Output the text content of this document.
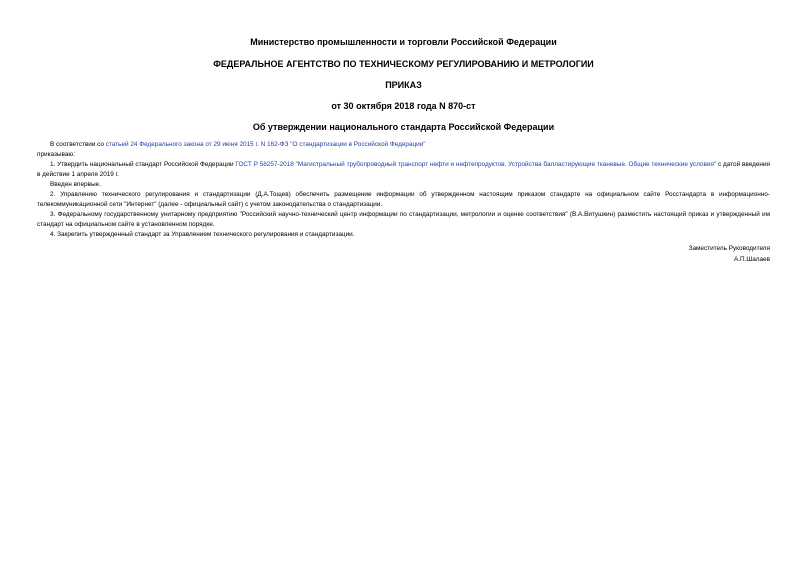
Министерство промышленности и торговли Российской Федерации

ФЕДЕРАЛЬНОЕ АГЕНТСТВО ПО ТЕХНИЧЕСКОМУ РЕГУЛИРОВАНИЮ И МЕТРОЛОГИИ

ПРИКАЗ

от 30 октября 2018 года N 870-ст

Об утверждении национального стандарта Российской Федерации

В соответствии со статьей 24 Федерального закона от 29 июня 2015 г. N 162-ФЗ "О стандартизации в Российской Федерации"

приказываю:

1. Утвердить национальный стандарт Российской Федерации ГОСТ Р 58257-2018 "Магистральный трубопроводный транспорт нефти и нефтепродуктов. Устройства балластирующие тканевые. Общие технические условия" с датой введения в действие 1 апреля 2019 г.

Введен впервые.

2. Управлению технического регулирования и стандартизации (Д.А.Тощев) обеспечить размещение информации об утвержденном настоящим приказом стандарте на официальном сайте Росстандарта в информационно-телекоммуникационной сети "Интернет" (далее - официальный сайт) с учетом законодательства о стандартизации.

3. Федеральному государственному унитарному предприятию "Российский научно-технический центр информации по стандартизации, метрологии и оценке соответствия" (В.А.Витушкин) разместить настоящий приказ и утвержденный им стандарт на официальном сайте в установленном порядке.

4. Закрепить утвержденный стандарт за Управлением технического регулирования и стандартизации.

Заместитель Руководителя
А.П.Шалаев
